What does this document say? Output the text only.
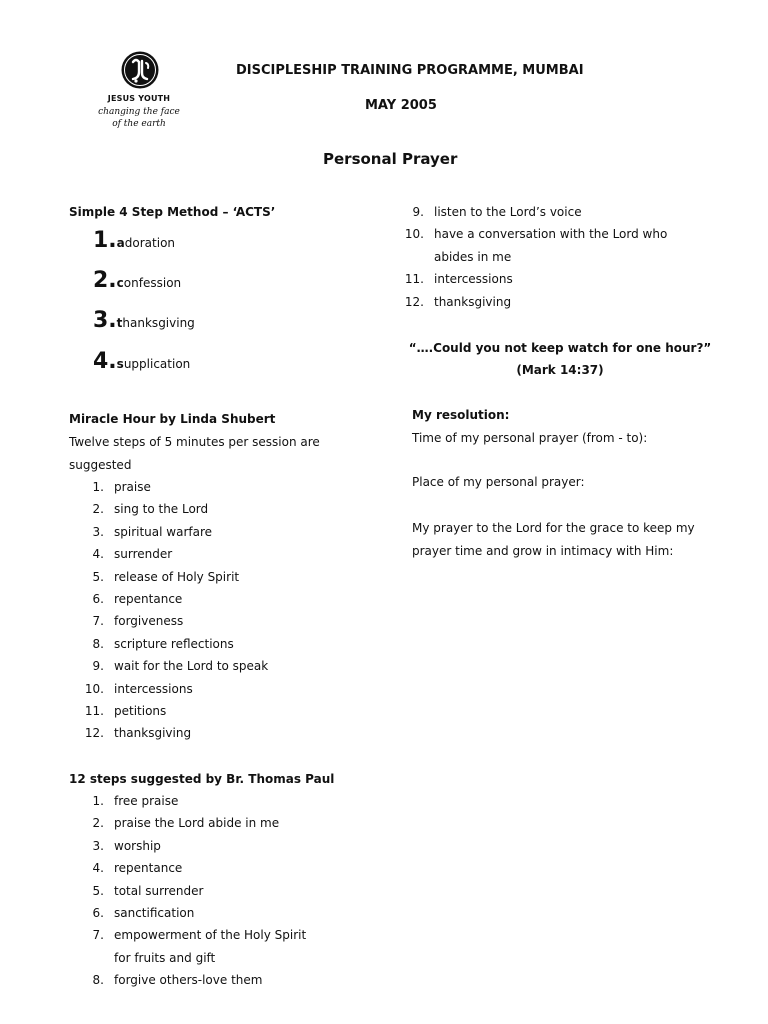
JESUS YOUTH
changing the face
of the earth
DISCIPLESHIP TRAINING PROGRAMME, MUMBAI
MAY 2005
Personal Prayer
Simple 4 Step Method – ‘ACTS’
1. a doration
2. c onfession
3. t hanksgiving
4. s upplication
Miracle Hour by Linda Shubert
Twelve steps of 5 minutes per session are suggested
1. praise
2. sing to the Lord
3. spiritual warfare
4. surrender
5. release of Holy Spirit
6. repentance
7. forgiveness
8. scripture reflections
9. wait for the Lord to speak
10. intercessions
11. petitions
12. thanksgiving
12 steps suggested by Br. Thomas Paul
1. free praise
2. praise the Lord abide in me
3. worship
4. repentance
5. total surrender
6. sanctification
7. empowerment of the Holy Spirit for fruits and gift
8. forgive others-love them
9. listen to the Lord’s voice
10. have a conversation with the Lord who abides in me
11. intercessions
12. thanksgiving
“….Could you not keep watch for one hour?”
(Mark 14:37)
My resolution:
Time of my personal prayer (from - to):
Place of my personal prayer:
My prayer to the Lord for the grace to keep my prayer time and grow in intimacy with Him:
